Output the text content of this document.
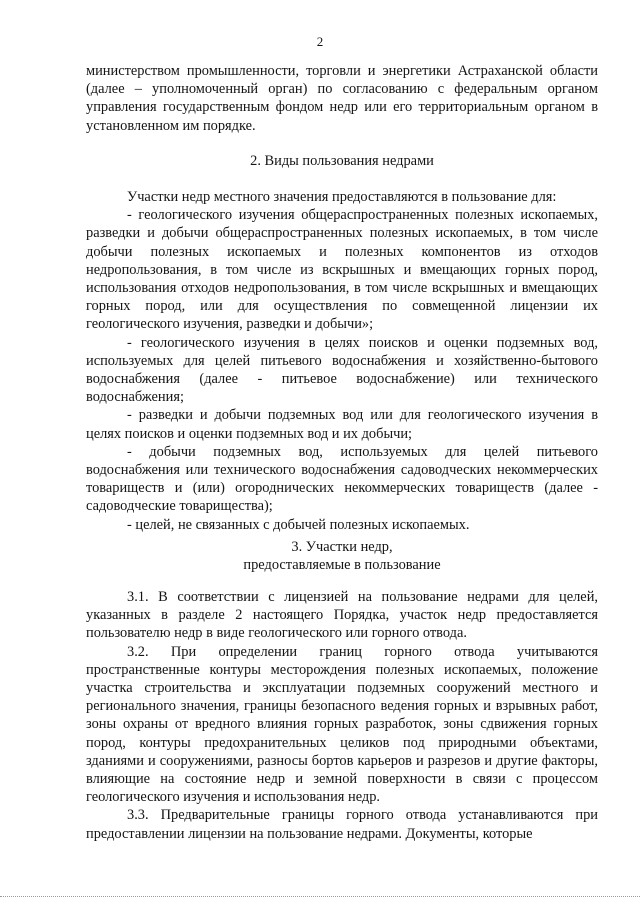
2

министерством промышленности, торговли и энергетики Астраханской области (далее – уполномоченный орган) по согласованию с федеральным органом управления государственным фондом недр или его территориальным органом в установленном им порядке.

2. Виды пользования недрами

Участки недр местного значения предоставляются в пользование для:

- геологического изучения общераспространенных полезных ископаемых, разведки и добычи общераспространенных полезных ископаемых, в том числе добычи полезных ископаемых и полезных компонентов из отходов недропользования, в том числе из вскрышных и вмещающих горных пород, использования отходов недропользования, в том числе вскрышных и вмещающих горных пород, или для осуществления по совмещенной лицензии их геологического изучения, разведки и добычи»;

- геологического изучения в целях поисков и оценки подземных вод, используемых для целей питьевого водоснабжения и хозяйственно-бытового водоснабжения (далее - питьевое водоснабжение) или технического водоснабжения;

- разведки и добычи подземных вод или для геологического изучения в целях поисков и оценки подземных вод и их добычи;

- добычи подземных вод, используемых для целей питьевого водоснабжения или технического водоснабжения садоводческих некоммерческих товариществ и (или) огороднических некоммерческих товариществ (далее - садоводческие товарищества);

- целей, не связанных с добычей полезных ископаемых.

3. Участки недр,

предоставляемые в пользование

3.1. В соответствии с лицензией на пользование недрами для целей, указанных в разделе 2 настоящего Порядка, участок недр предоставляется пользователю недр в виде геологического или горного отвода.

3.2. При определении границ горного отвода учитываются пространственные контуры месторождения полезных ископаемых, положение участка строительства и эксплуатации подземных сооружений местного и регионального значения, границы безопасного ведения горных и взрывных работ, зоны охраны от вредного влияния горных разработок, зоны сдвижения горных пород, контуры предохранительных целиков под природными объектами, зданиями и сооружениями, разносы бортов карьеров и разрезов и другие факторы, влияющие на состояние недр и земной поверхности в связи с процессом геологического изучения и использования недр.

3.3. Предварительные границы горного отвода устанавливаются при предоставлении лицензии на пользование недрами. Документы, которые
